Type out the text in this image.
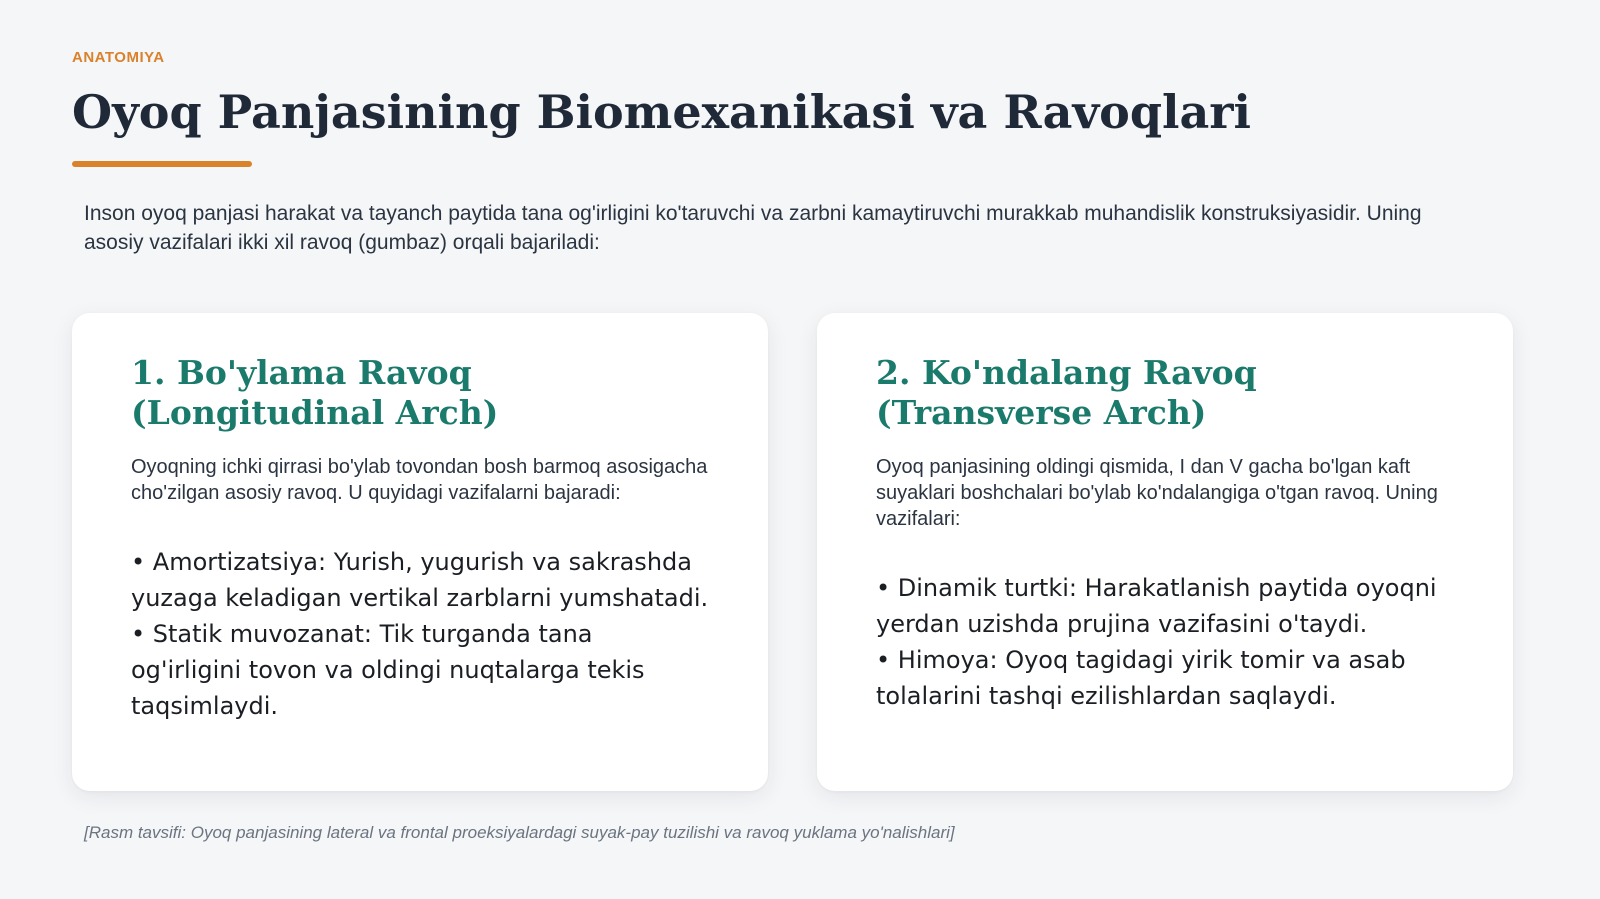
ANATOMIYA
Oyoq Panjasining Biomexanikasi va Ravoqlari

Inson oyoq panjasi harakat va tayanch paytida tana og'irligini ko'taruvchi va zarbni kamaytiruvchi murakkab muhandislik konstruksiyasidir. Uning asosiy vazifalari ikki xil ravoq (gumbaz) orqali bajariladi:

1. Bo'ylama Ravoq (Longitudinal Arch)

Oyoqning ichki qirrasi bo'ylab tovondan bosh barmoq asosigacha cho'zilgan asosiy ravoq. U quyidagi vazifalarni bajaradi:

• Amortizatsiya: Yurish, yugurish va sakrashda yuzaga keladigan vertikal zarblarni yumshatadi.
• Statik muvozanat: Tik turganda tana og'irligini tovon va oldingi nuqtalarga tekis taqsimlaydi.
2. Ko'ndalang Ravoq (Transverse Arch)

Oyoq panjasining oldingi qismida, I dan V gacha bo'lgan kaft suyaklari boshchalari bo'ylab ko'ndalangiga o'tgan ravoq. Uning vazifalari:

• Dinamik turtki: Harakatlanish paytida oyoqni yerdan uzishda prujina vazifasini o'taydi.
• Himoya: Oyoq tagidagi yirik tomir va asab tolalarini tashqi ezilishlardan saqlaydi.

[Rasm tavsifi: Oyoq panjasining lateral va frontal proeksiyalardagi suyak-pay tuzilishi va ravoq yuklama yo'nalishlari]
